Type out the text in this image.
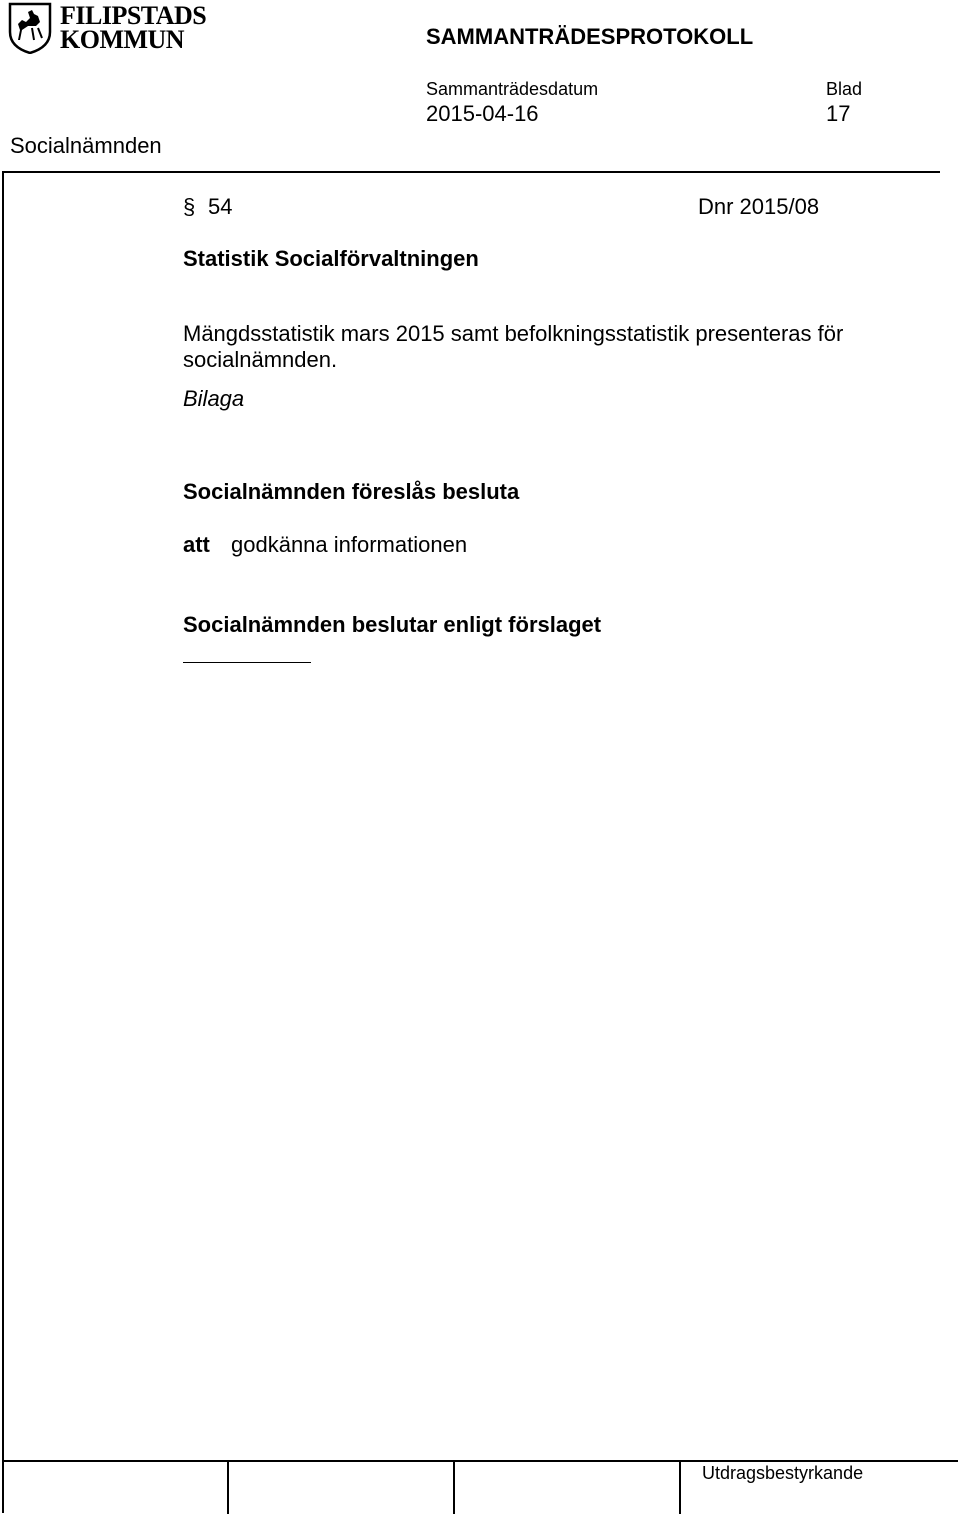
FILIPSTADS
KOMMUN	SAMMANTRÄDESPROTOKOLL
Sammanträdesdatum
2015-04-16
Blad
17
Socialnämnden
§ 54	Dnr 2015/08
Statistik Socialförvaltningen
Mängdsstatistik mars 2015 samt befolkningsstatistik presenteras för
socialnämnden.
Bilaga
Socialnämnden föreslås besluta
att godkänna informationen
Socialnämnden beslutar enligt förslaget
Utdragsbestyrkande
